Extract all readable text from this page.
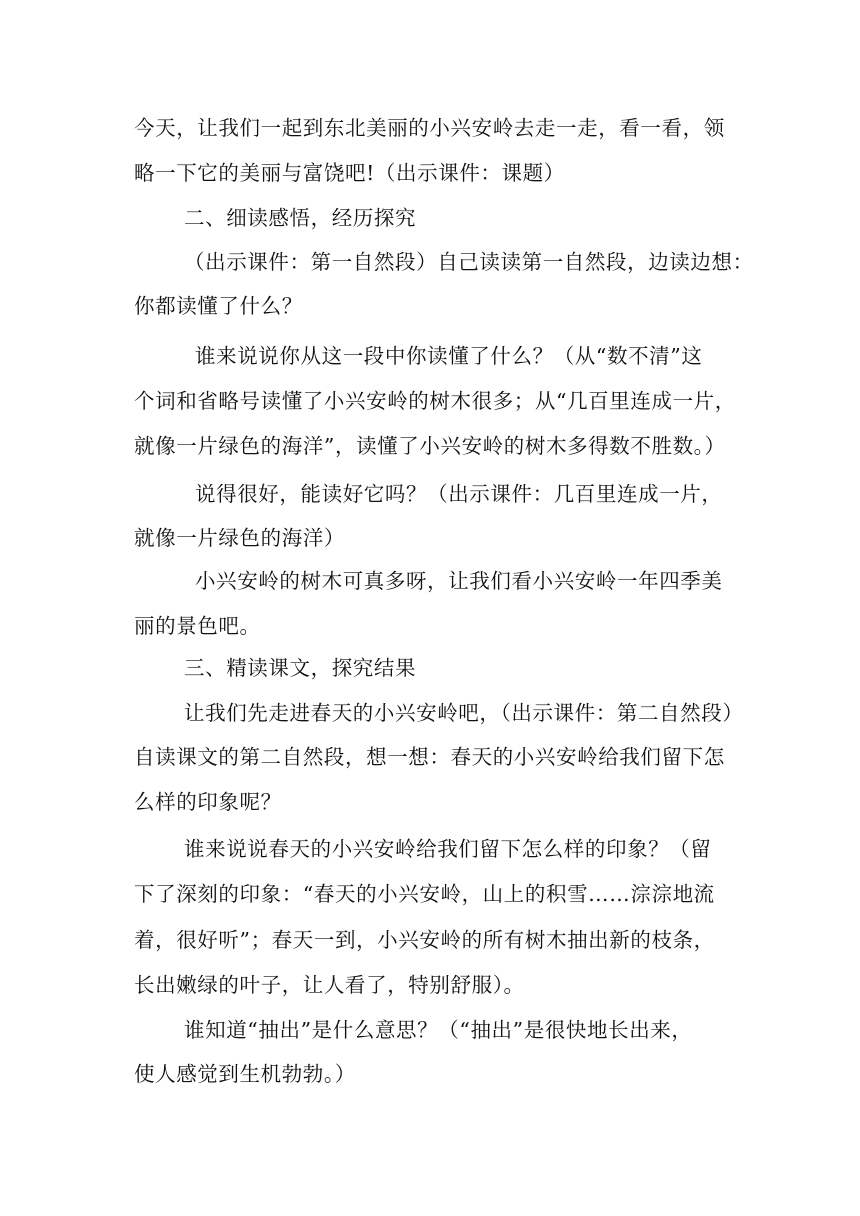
今天，让我们一起到东北美丽的小兴安岭去走一走，看一看，领
略一下它的美丽与富饶吧!（出示课件：课题）
二、细读感悟，经历探究
（出示课件：第一自然段）自己读读第一自然段，边读边想：
你都读懂了什么？
谁来说说你从这一段中你读懂了什么？（从“数不清”这
个词和省略号读懂了小兴安岭的树木很多；从“几百里连成一片，
就像一片绿色的海洋”，读懂了小兴安岭的树木多得数不胜数。）
说得很好，能读好它吗？（出示课件：几百里连成一片，
就像一片绿色的海洋）
小兴安岭的树木可真多呀，让我们看小兴安岭一年四季美
丽的景色吧。
三、精读课文，探究结果
让我们先走进春天的小兴安岭吧，（出示课件：第二自然段）
自读课文的第二自然段，想一想：春天的小兴安岭给我们留下怎
么样的印象呢？
谁来说说春天的小兴安岭给我们留下怎么样的印象？（留
下了深刻的印象：“春天的小兴安岭，山上的积雪……淙淙地流
着，很好听”；春天一到，小兴安岭的所有树木抽出新的枝条，
长出嫩绿的叶子，让人看了，特别舒服）。
谁知道“抽出”是什么意思？（“抽出”是很快地长出来，
使人感觉到生机勃勃。）
